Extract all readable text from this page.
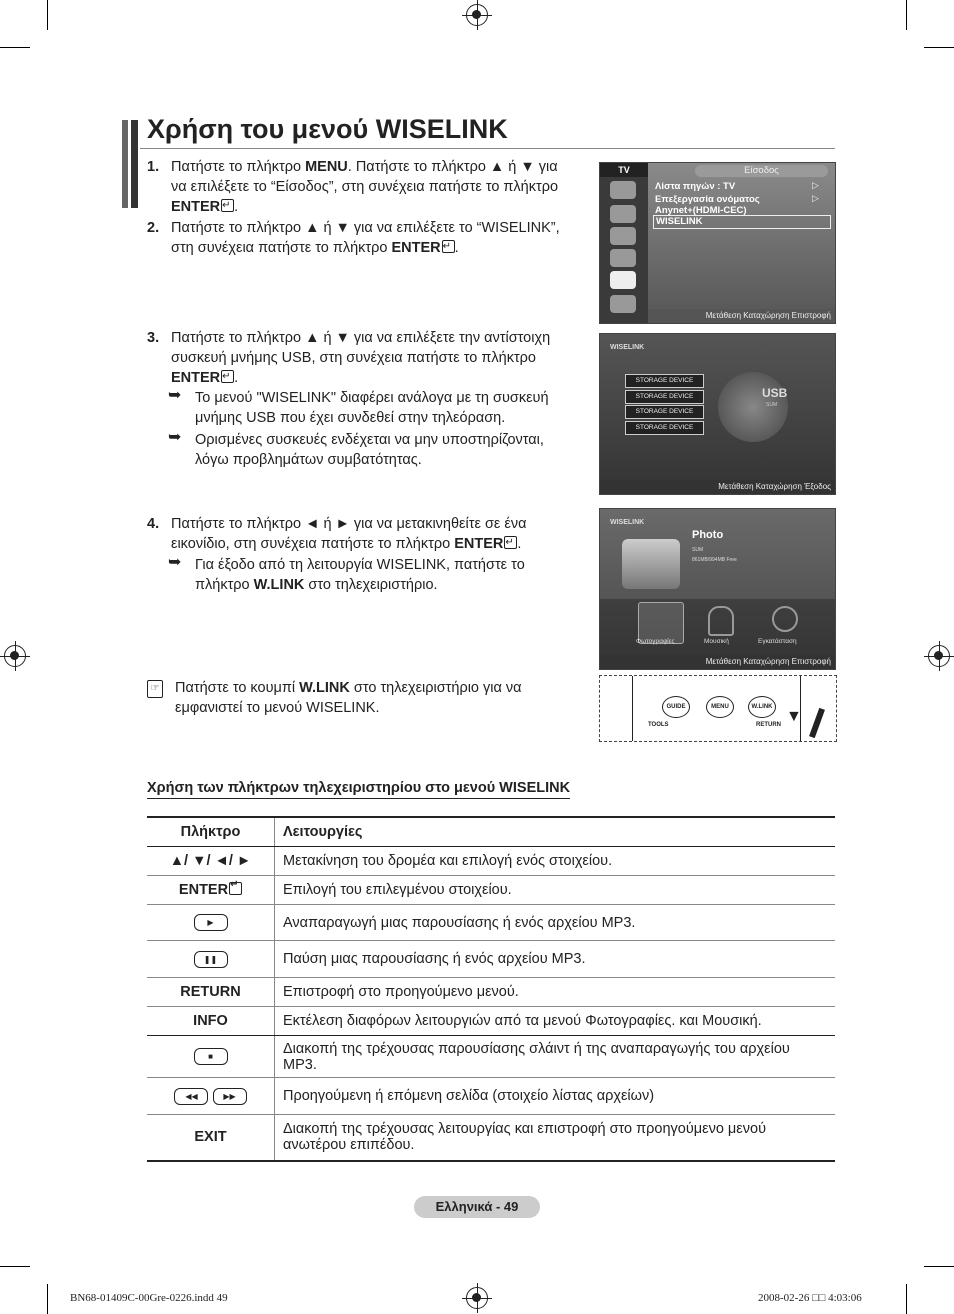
Χρήση του μενού WISELINK
1. Πατήστε το πλήκτρο MENU. Πατήστε το πλήκτρο ▲ ή ▼ για να επιλέξετε το “Είσοδος”, στη συνέχεια πατήστε το πλήκτρο ENTER ↵ .
2. Πατήστε το πλήκτρο ▲ ή ▼ για να επιλέξετε το “WISELINK”, στη συνέχεια πατήστε το πλήκτρο ENTER ↵ .
3. Πατήστε το πλήκτρο ▲ ή ▼ για να επιλέξετε την αντίστοιχη συσκευή μνήμης USB, στη συνέχεια πατήστε το πλήκτρο ENTER ↵ .
➥ Το μενού "WISELINK" διαφέρει ανάλογα με τη συσκευή μνήμης USB που έχει συνδεθεί στην τηλεόραση.
➥ Ορισμένες συσκευές ενδέχεται να μην υποστηρίζονται, λόγω προβλημάτων συμβατότητας.
4. Πατήστε το πλήκτρο ◄ ή ► για να μετακινηθείτε σε ένα εικονίδιο, στη συνέχεια πατήστε το πλήκτρο ENTER ↵ .
➥ Για έξοδο από τη λειτουργία WISELINK, πατήστε το πλήκτρο W.LINK στο τηλεχειριστήριο.
☞ Πατήστε το κουμπί W.LINK στο τηλεχειριστήριο για να εμφανιστεί το μενού WISELINK.
TV	Είσοδος
Λίστα πηγών : TV
Επεξεργασία ονόματος
Anynet+(HDMI-CEC)
WISELINK
▷
▷
Μετάθεση Καταχώρηση Επιστροφή
WISELINK
STORAGE DEVICE
STORAGE DEVICE
STORAGE DEVICE
STORAGE DEVICE
USB
SUM
Μετάθεση Καταχώρηση Έξοδος
WISELINK
Photo
SUM
861MB/994MB Free
Φωτογραφίες	Μουσική	Εγκατάσταση
Μετάθεση Καταχώρηση Επιστροφή
GUIDE	MENU	W.LINK
TOOLS	RETURN ▼
Χρήση των πλήκτρων τηλεχειριστηρίου στο μενού WISELINK
Πλήκτρο	Λειτουργίες
▲/ ▼/ ◄/ ►	Μετακίνηση του δρομέα και επιλογή ενός στοιχείου.
ENTER↵	Επιλογή του επιλεγμένου στοιχείου.
▶	Αναπαραγωγή μιας παρουσίασης ή ενός αρχείου MP3.
❚❚	Παύση μιας παρουσίασης ή ενός αρχείου MP3.
RETURN	Επιστροφή στο προηγούμενο μενού.
INFO	Εκτέλεση διαφόρων λειτουργιών από τα μενού Φωτογραφίες. και Μουσική.
■	Διακοπή της τρέχουσας παρουσίασης σλάιντ ή της αναπαραγωγής του αρχείου MP3.
◀◀ ▶▶	Προηγούμενη ή επόμενη σελίδα (στοιχείο λίστας αρχείων)
EXIT	Διακοπή της τρέχουσας λειτουργίας και επιστροφή στο προηγούμενο μενού ανωτέρου επιπέδου.
Ελληνικά - 49
BN68-01409C-00Gre-0226.indd 49	2008-02-26 □□ 4:03:06
